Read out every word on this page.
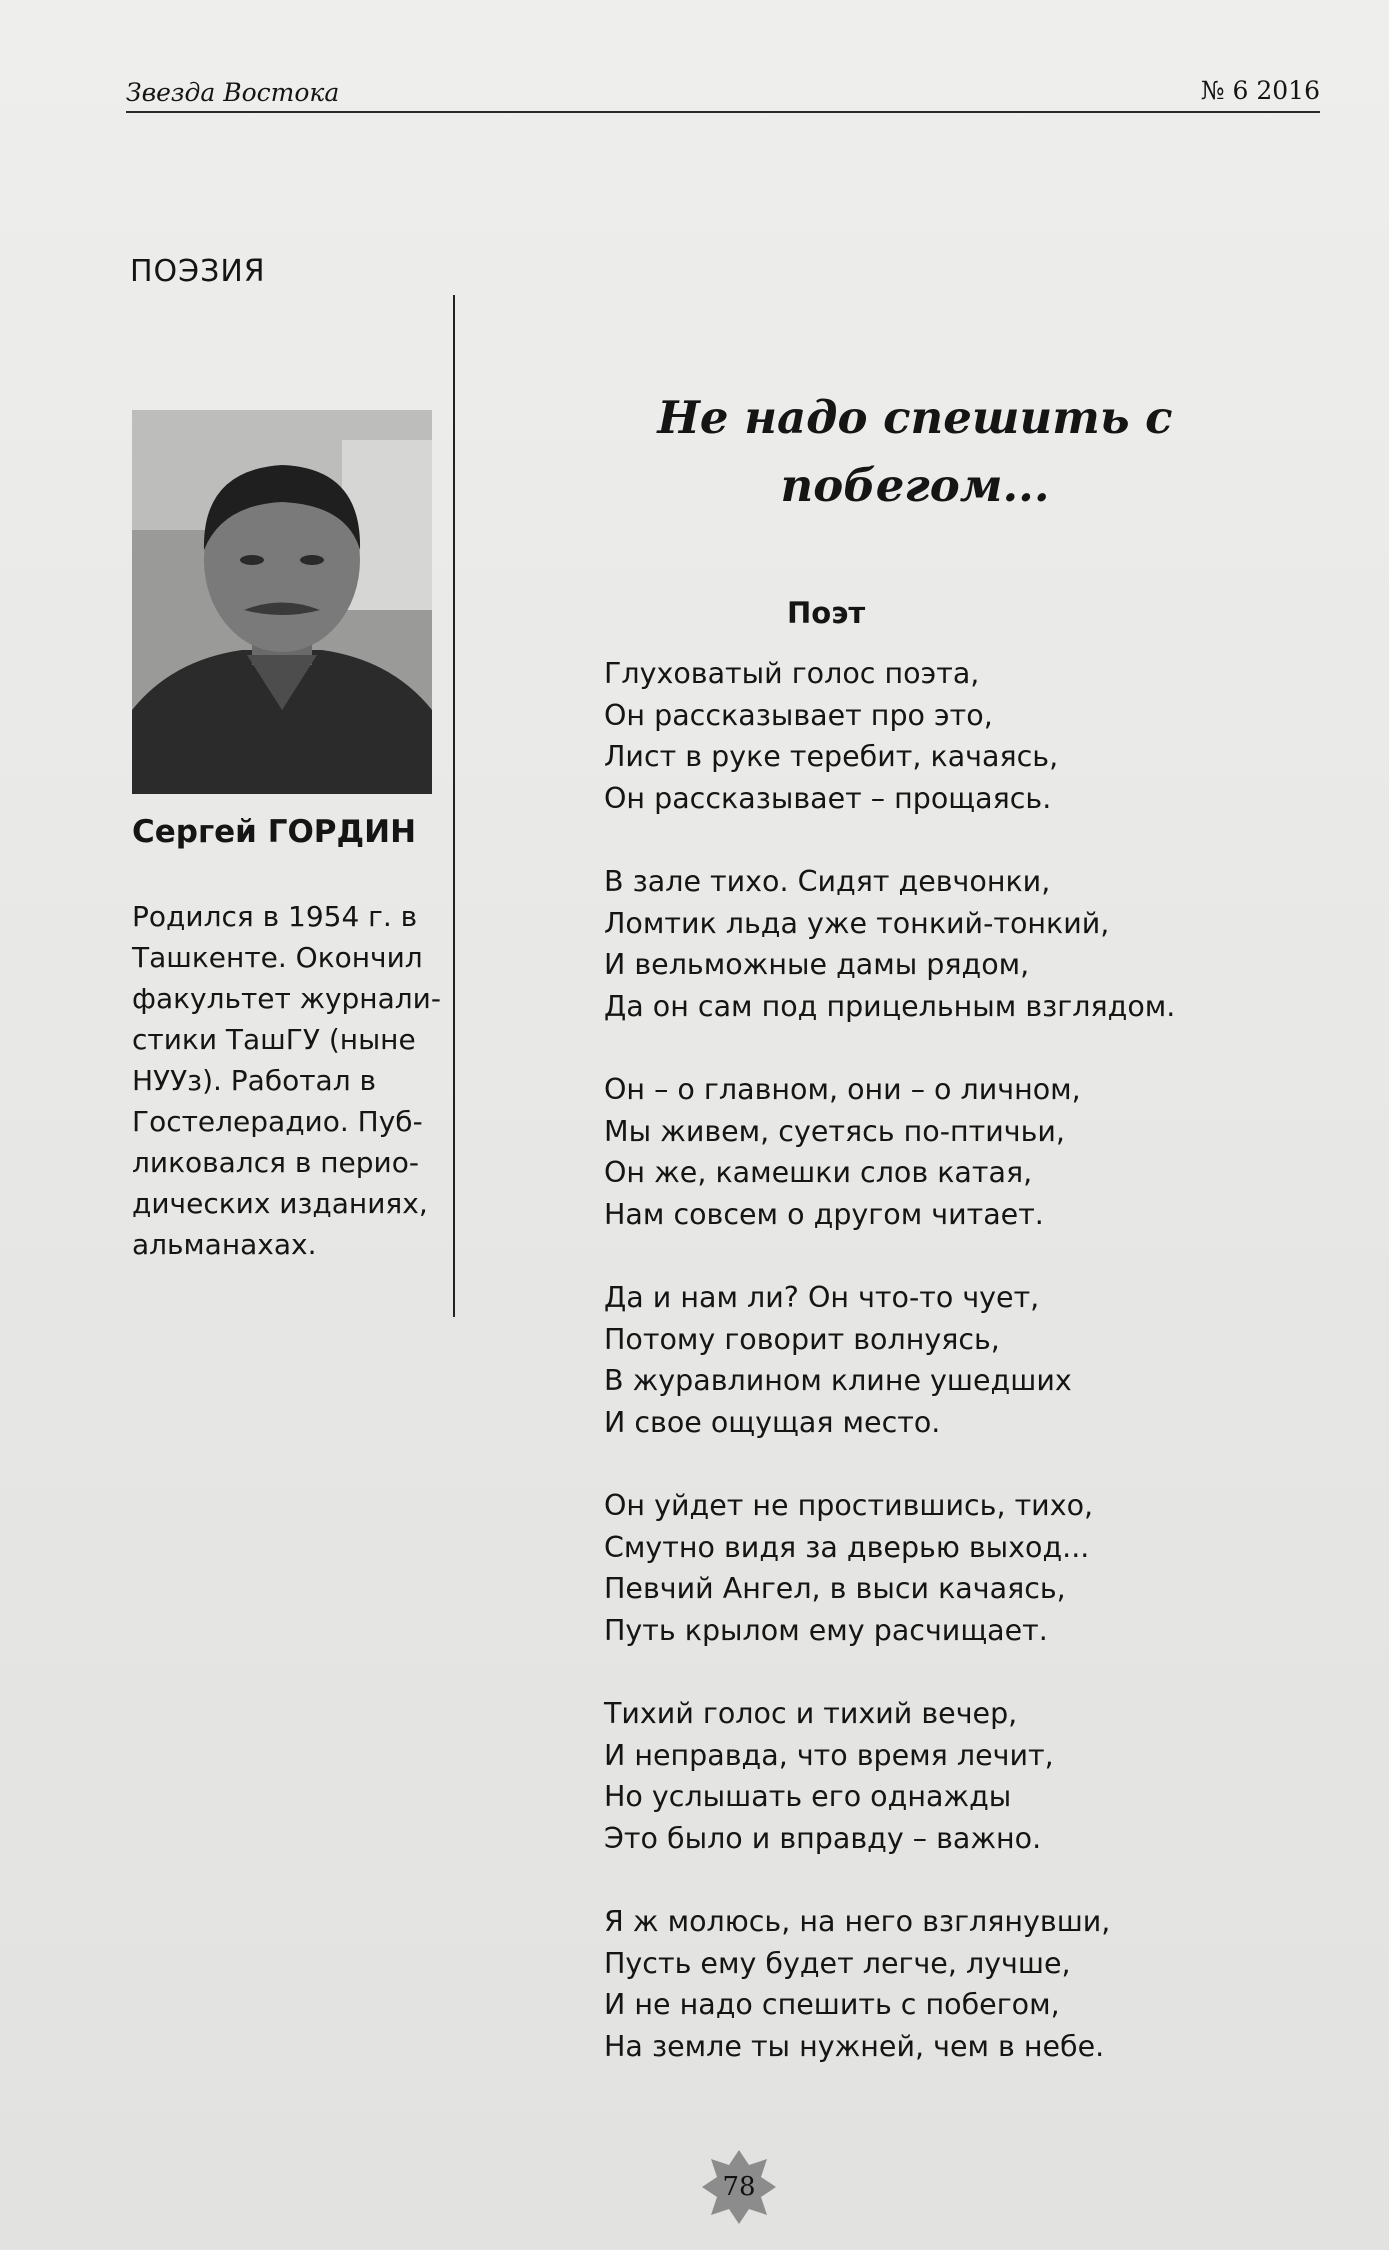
Звезда Востока	№ 6 2016
ПОЭЗИЯ
Сергей ГОРДИН
Родился в 1954 г. в
Ташкенте. Окончил
факультет журнали-
стики ТашГУ (ныне
НУУз). Работал в
Гостелерадио. Пуб-
ликовался в перио-
дических изданиях,
альманахах.
Не надо спешить с
побегом...
Поэт
Глуховатый голос поэта,
Он рассказывает про это,
Лист в руке теребит, качаясь,
Он рассказывает – прощаясь.
В зале тихо. Сидят девчонки,
Ломтик льда уже тонкий-тонкий,
И вельможные дамы рядом,
Да он сам под прицельным взглядом.
Он – о главном, они – о личном,
Мы живем, суетясь по-птичьи,
Он же, камешки слов катая,
Нам совсем о другом читает.
Да и нам ли? Он что-то чует,
Потому говорит волнуясь,
В журавлином клине ушедших
И свое ощущая место.
Он уйдет не простившись, тихо,
Смутно видя за дверью выход...
Певчий Ангел, в выси качаясь,
Путь крылом ему расчищает.
Тихий голос и тихий вечер,
И неправда, что время лечит,
Но услышать его однажды
Это было и вправду – важно.
Я ж молюсь, на него взглянувши,
Пусть ему будет легче, лучше,
И не надо спешить с побегом,
На земле ты нужней, чем в небе.
78
